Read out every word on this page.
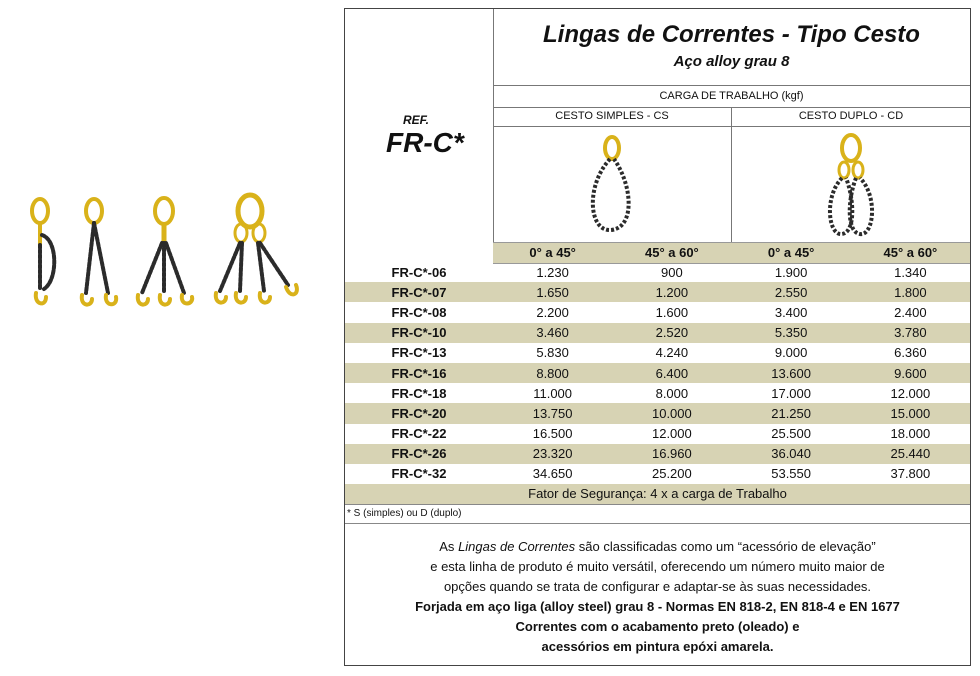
REF.
FR-C*
Lingas de Correntes - Tipo Cesto
Aço alloy grau 8
CARGA DE TRABALHO (kgf)
CESTO SIMPLES - CS	CESTO DUPLO - CD
0° a 45°	45° a 60°	0° a 45°	45° a 60°
FR-C*-06	1.230	900	1.900	1.340
FR-C*-07	1.650	1.200	2.550	1.800
FR-C*-08	2.200	1.600	3.400	2.400
FR-C*-10	3.460	2.520	5.350	3.780
FR-C*-13	5.830	4.240	9.000	6.360
FR-C*-16	8.800	6.400	13.600	9.600
FR-C*-18	11.000	8.000	17.000	12.000
FR-C*-20	13.750	10.000	21.250	15.000
FR-C*-22	16.500	12.000	25.500	18.000
FR-C*-26	23.320	16.960	36.040	25.440
FR-C*-32	34.650	25.200	53.550	37.800
Fator de Segurança: 4 x a carga de Trabalho
* S (simples) ou D (duplo)
As Lingas de Correntes são classificadas como um “acessório de elevação”
e esta linha de produto é muito versátil, oferecendo um número muito maior de
opções quando se trata de configurar e adaptar-se às suas necessidades.
Forjada em aço liga (alloy steel) grau 8 - Normas EN 818-2, EN 818-4 e EN 1677
Correntes com o acabamento preto (oleado) e
acessórios em pintura epóxi amarela.
